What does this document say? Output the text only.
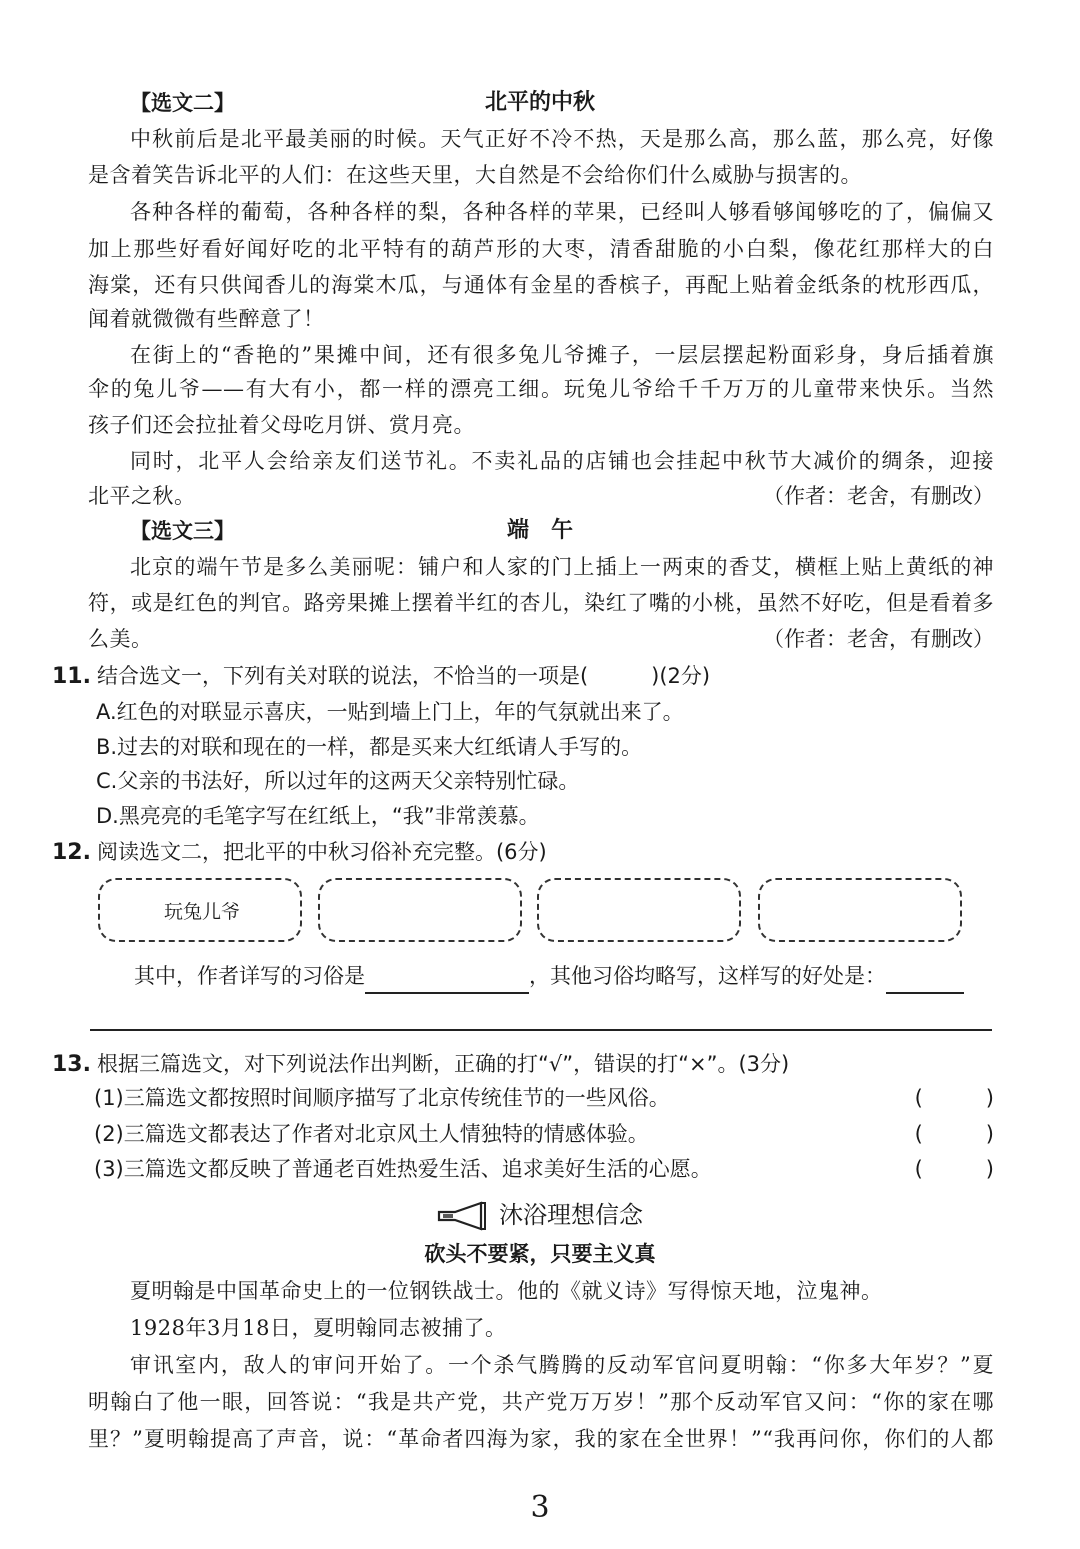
【选文二】	北平的中秋
中秋前后是北平最美丽的时候。天气正好不冷不热，天是那么高，那么蓝，那么亮，好像
是含着笑告诉北平的人们：在这些天里，大自然是不会给你们什么威胁与损害的。
各种各样的葡萄，各种各样的梨，各种各样的苹果，已经叫人够看够闻够吃的了，偏偏又
加上那些好看好闻好吃的北平特有的葫芦形的大枣，清香甜脆的小白梨，像花红那样大的白
海棠，还有只供闻香儿的海棠木瓜，与通体有金星的香槟子，再配上贴着金纸条的枕形西瓜，
闻着就微微有些醉意了！
在街上的“香艳的”果摊中间，还有很多兔儿爷摊子，一层层摆起粉面彩身，身后插着旗
伞的兔儿爷——有大有小，都一样的漂亮工细。玩兔儿爷给千千万万的儿童带来快乐。当然
孩子们还会拉扯着父母吃月饼、赏月亮。
同时，北平人会给亲友们送节礼。不卖礼品的店铺也会挂起中秋节大减价的绸条，迎接
北平之秋。	（作者：老舍，有删改）
【选文三】	端　午
北京的端午节是多么美丽呢：铺户和人家的门上插上一两束的香艾，横框上贴上黄纸的神
符，或是红色的判官。路旁果摊上摆着半红的杏儿，染红了嘴的小桃，虽然不好吃，但是看着多
么美。	（作者：老舍，有删改）
11. 结合选文一，下列有关对联的说法，不恰当的一项是(　　　)(2分)
A.红色的对联显示喜庆，一贴到墙上门上，年的气氛就出来了。
B.过去的对联和现在的一样，都是买来大红纸请人手写的。
C.父亲的书法好，所以过年的这两天父亲特别忙碌。
D.黑亮亮的毛笔字写在红纸上，“我”非常羡慕。
12. 阅读选文二，把北平的中秋习俗补充完整。(6分)
玩兔儿爷
其中，作者详写的习俗是	，其他习俗均略写，这样写的好处是：
13. 根据三篇选文，对下列说法作出判断，正确的打“√”，错误的打“×”。(3分)
(1)三篇选文都按照时间顺序描写了北京传统佳节的一些风俗。	(　　　)
(2)三篇选文都表达了作者对北京风土人情独特的情感体验。	(　　　)
(3)三篇选文都反映了普通老百姓热爱生活、追求美好生活的心愿。	(　　　)
沐浴理想信念
砍头不要紧，只要主义真
夏明翰是中国革命史上的一位钢铁战士。他的《就义诗》写得惊天地，泣鬼神。
1928年3月18日，夏明翰同志被捕了。
审讯室内，敌人的审问开始了。一个杀气腾腾的反动军官问夏明翰：“你多大年岁？”夏
明翰白了他一眼，回答说：“我是共产党，共产党万万岁！”那个反动军官又问：“你的家在哪
里？”夏明翰提高了声音，说：“革命者四海为家，我的家在全世界！”“我再问你，你们的人都
3
